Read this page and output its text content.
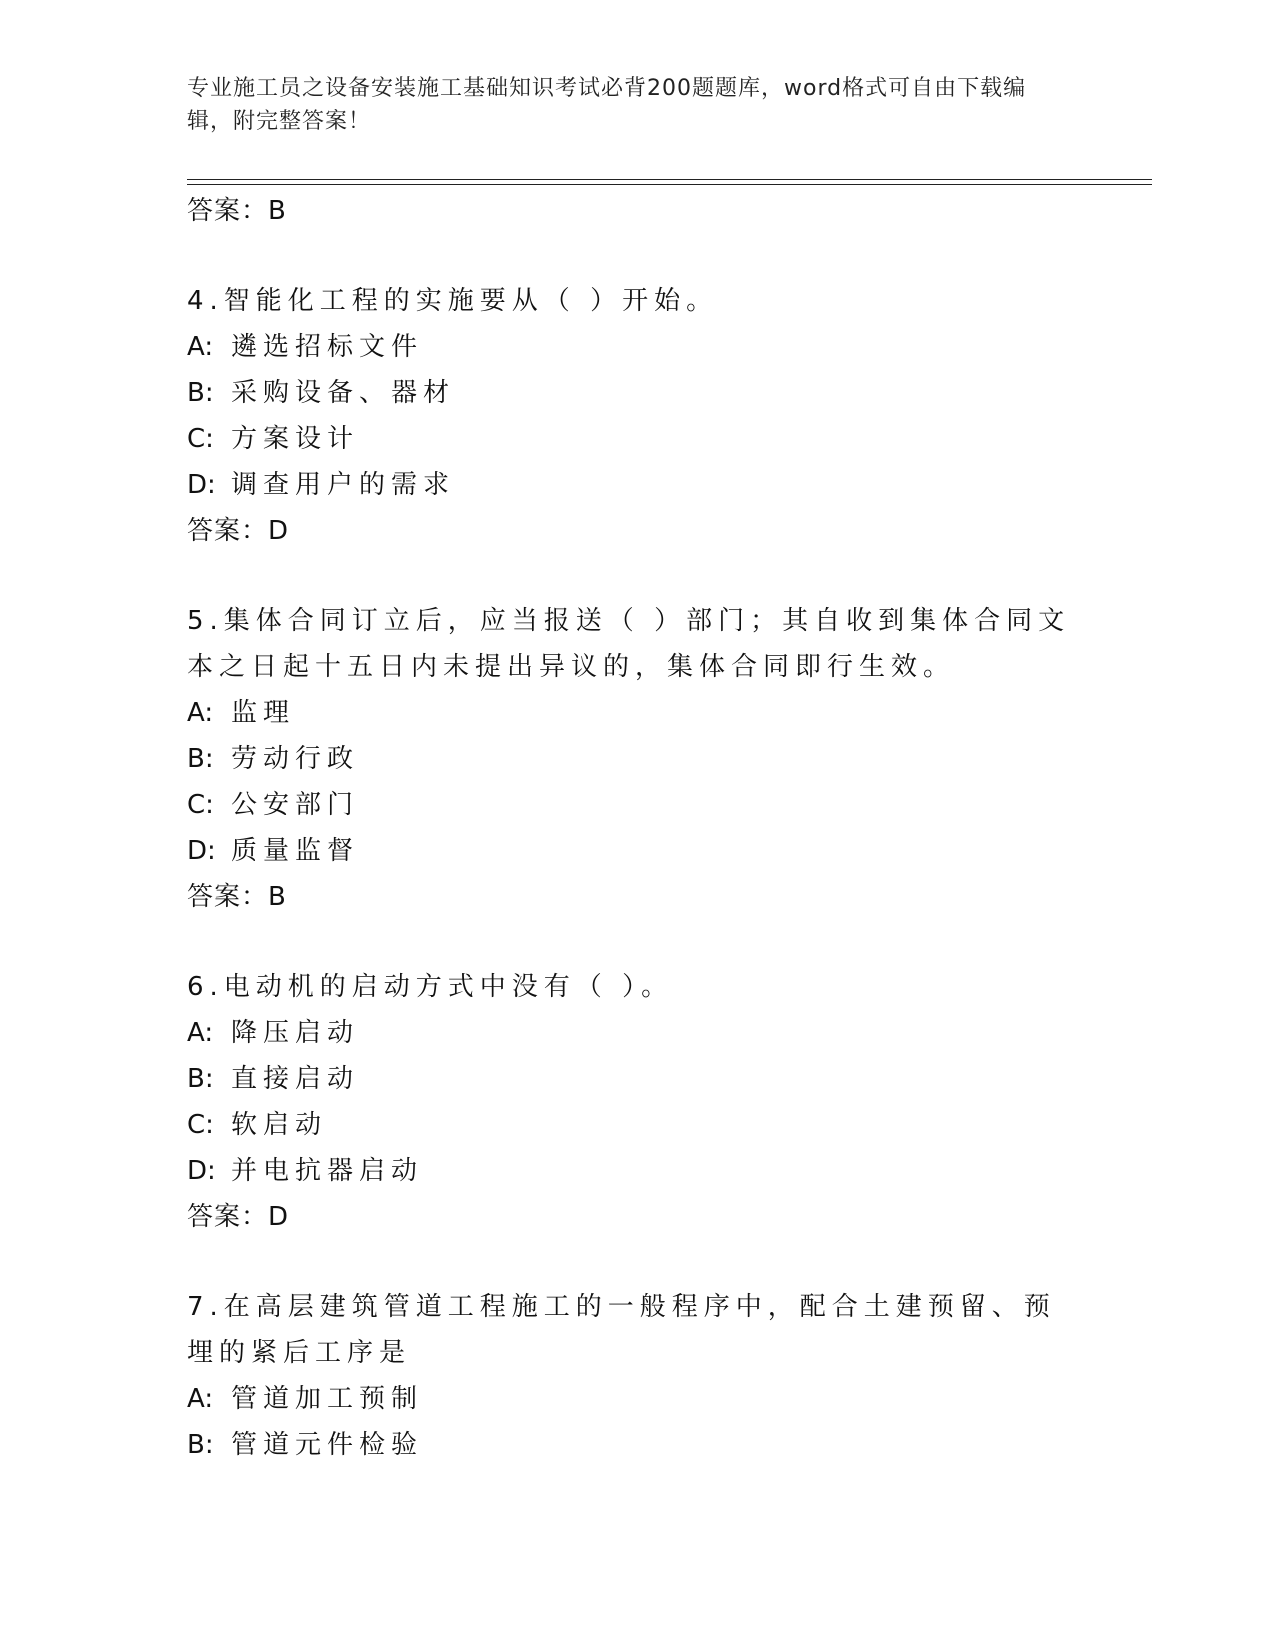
专业施工员之设备安装施工基础知识考试必背200题题库，word格式可自由下载编辑，附完整答案！

答案：B

4.智能化工程的实施要从（ ）开始。

A: 遴选招标文件

B: 采购设备、器材

C: 方案设计

D: 调查用户的需求

答案：D

5.集体合同订立后，应当报送（ ）部门；其自收到集体合同文本之日起十五日内未提出异议的，集体合同即行生效。

A: 监理

B: 劳动行政

C: 公安部门

D: 质量监督

答案：B

6.电动机的启动方式中没有（ ）。

A: 降压启动

B: 直接启动

C: 软启动

D: 并电抗器启动

答案：D

7.在高层建筑管道工程施工的一般程序中，配合土建预留、预埋的紧后工序是

A: 管道加工预制

B: 管道元件检验
